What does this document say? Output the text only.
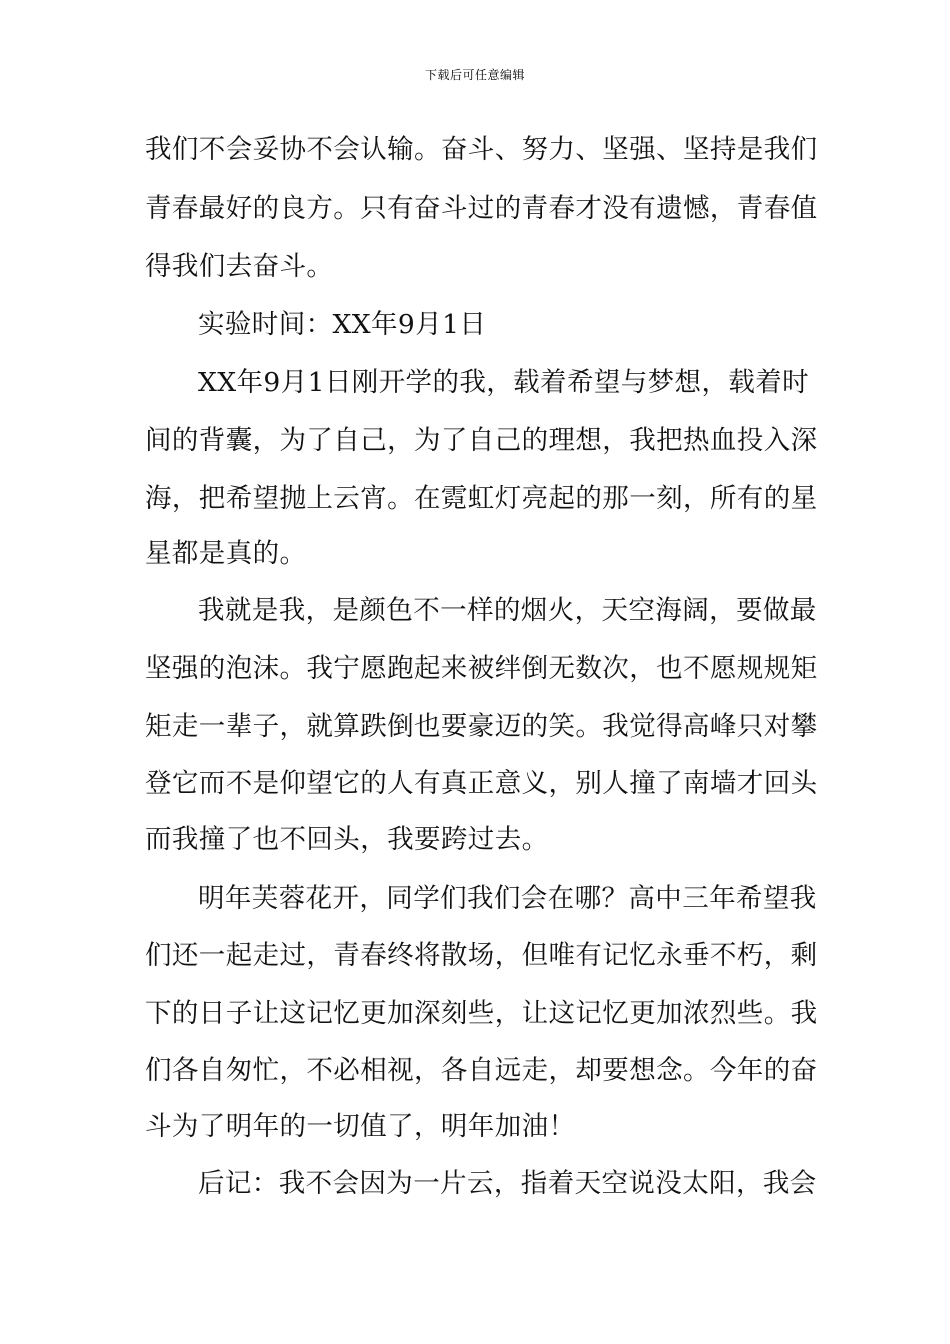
下载后可任意编辑
我们不会妥协不会认输。奋斗、努力、坚强、坚持是我们
青春最好的良方。只有奋斗过的青春才没有遗憾，青春值
得我们去奋斗。
实验时间：XX年9月1日
XX年9月1日刚开学的我，载着希望与梦想，载着时
间的背囊，为了自己，为了自己的理想，我把热血投入深
海，把希望抛上云宵。在霓虹灯亮起的那一刻，所有的星
星都是真的。
我就是我，是颜色不一样的烟火，天空海阔，要做最
坚强的泡沫。我宁愿跑起来被绊倒无数次，也不愿规规矩
矩走一辈子，就算跌倒也要豪迈的笑。我觉得高峰只对攀
登它而不是仰望它的人有真正意义，别人撞了南墙才回头
而我撞了也不回头，我要跨过去。
明年芙蓉花开，同学们我们会在哪？高中三年希望我
们还一起走过，青春终将散场，但唯有记忆永垂不朽，剩
下的日子让这记忆更加深刻些，让这记忆更加浓烈些。我
们各自匆忙，不必相视，各自远走，却要想念。今年的奋
斗为了明年的一切值了，明年加油！
后记：我不会因为一片云，指着天空说没太阳，我会
